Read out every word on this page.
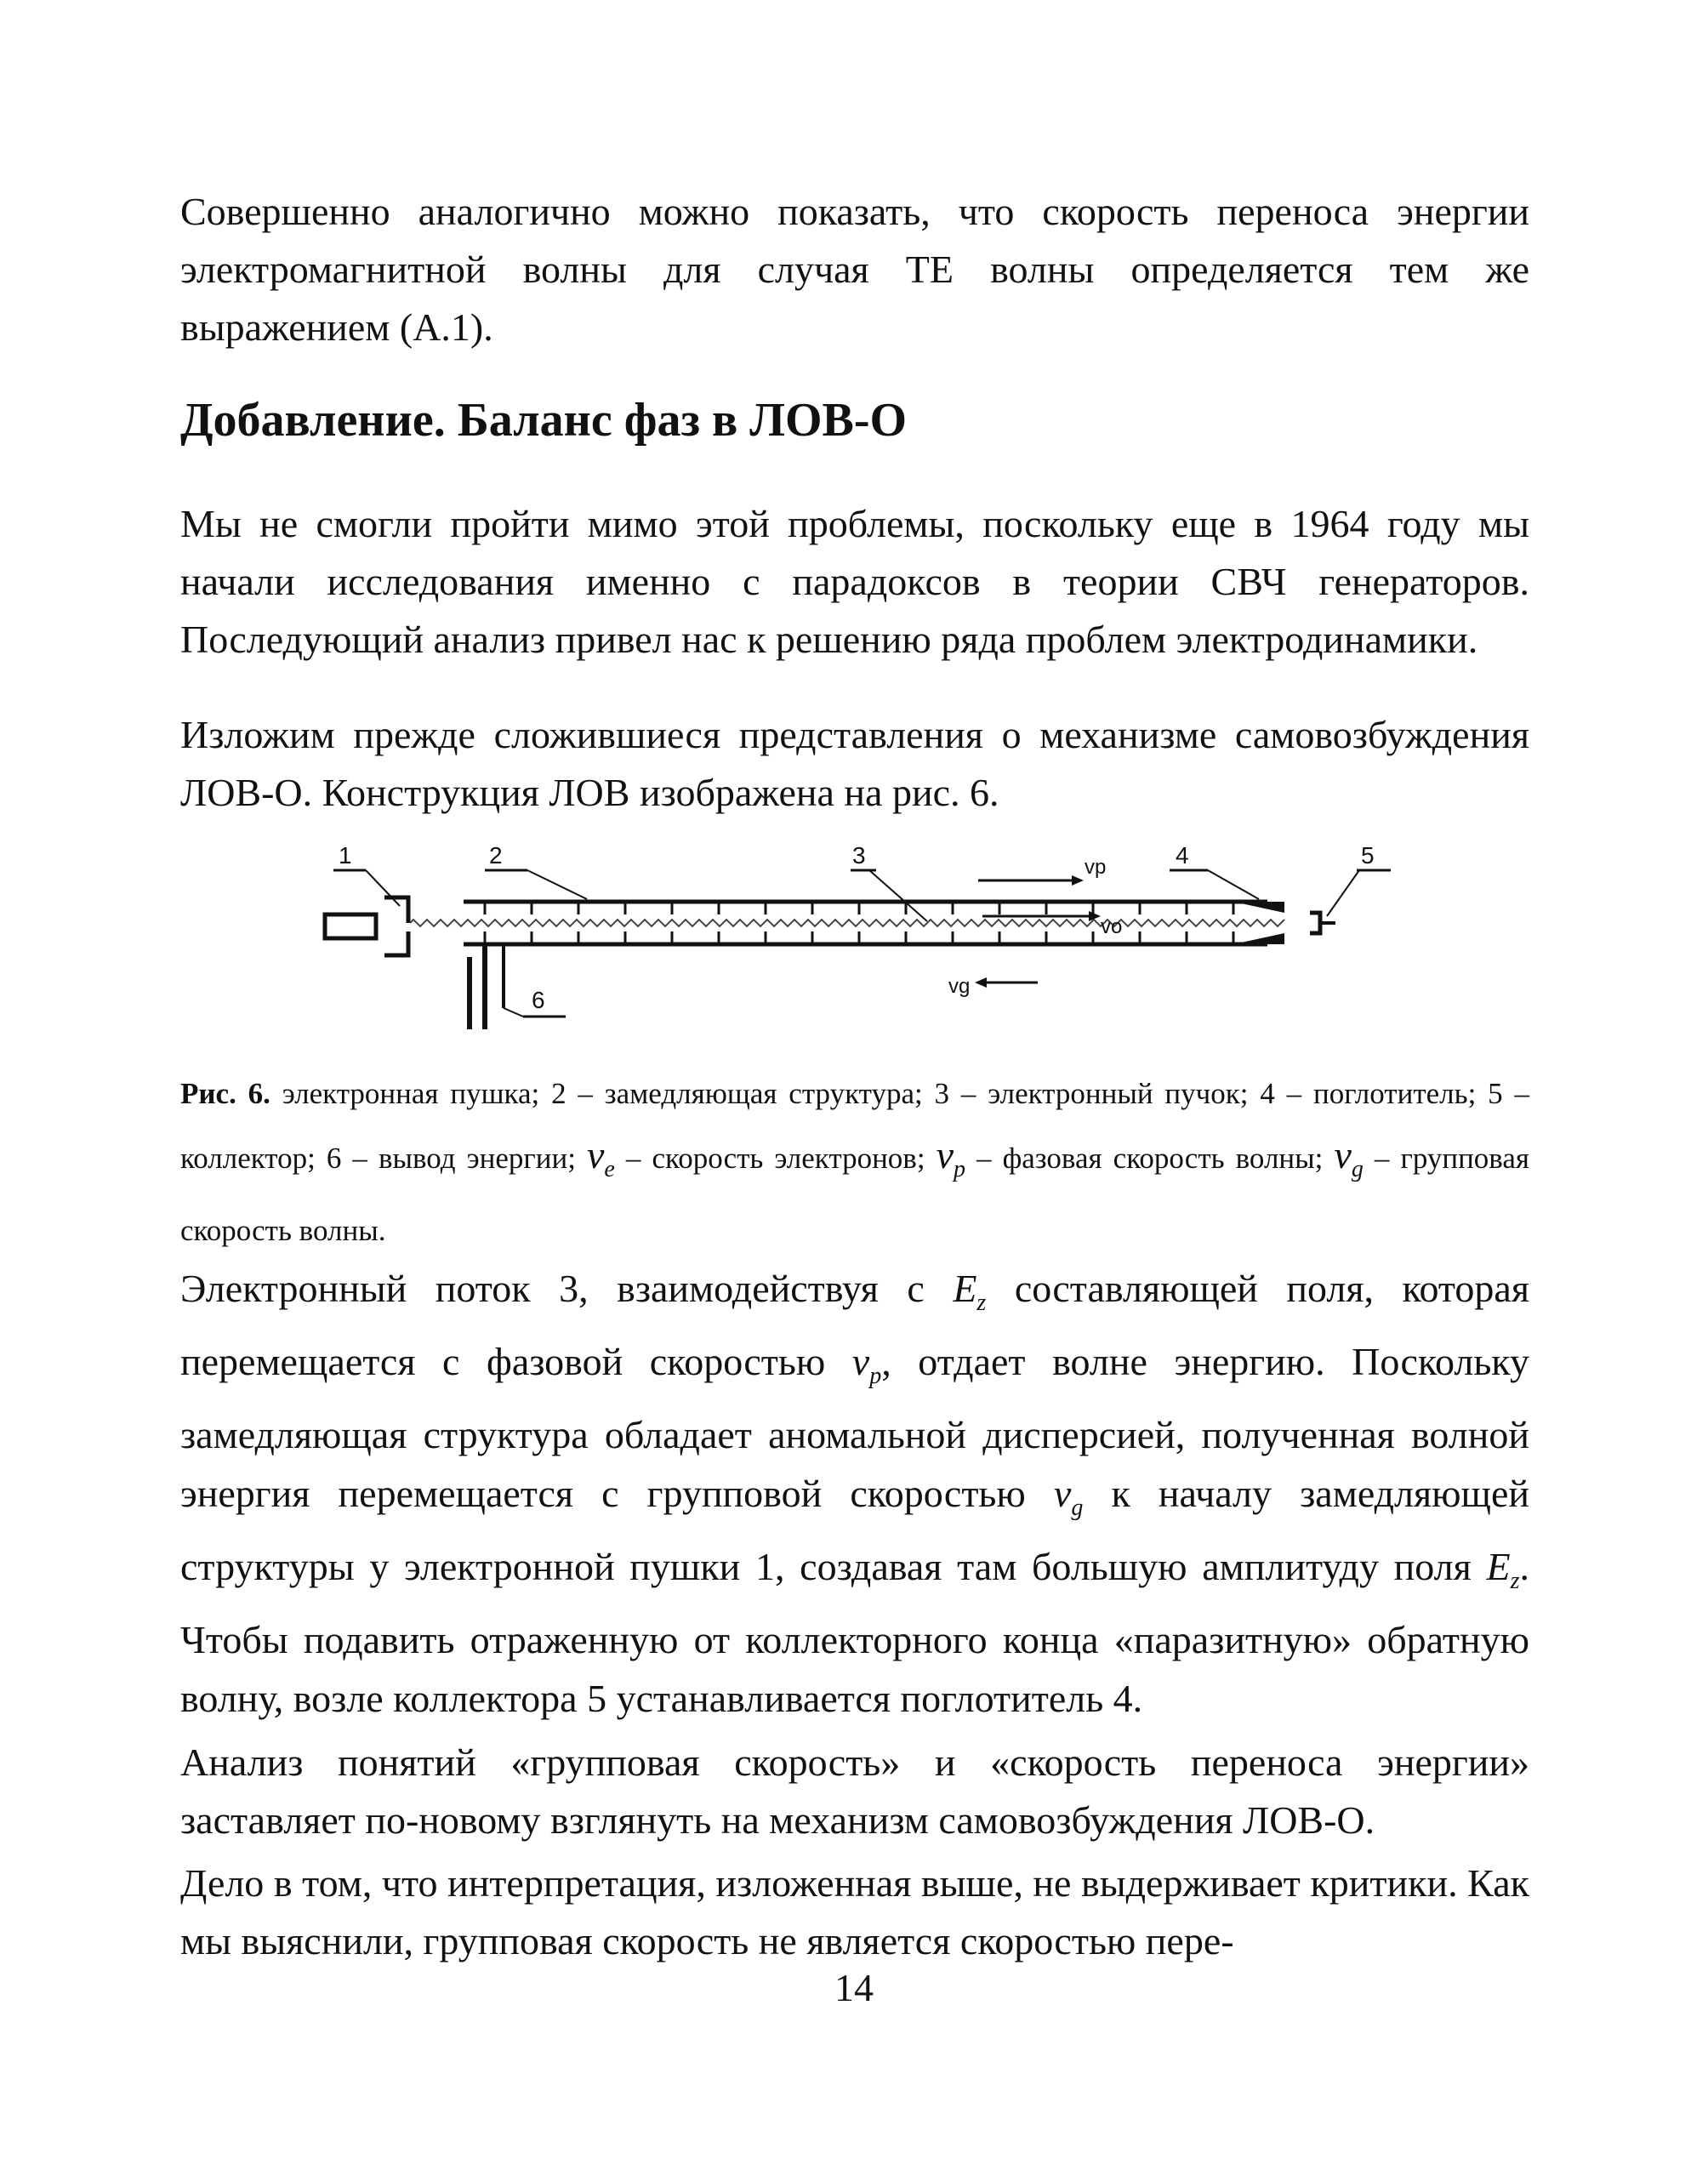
Совершенно аналогично можно показать, что скорость переноса энергии электромагнитной волны для случая ТЕ волны определяется тем же выражением (А.1).

Добавление. Баланс фаз в ЛОВ-О

Мы не смогли пройти мимо этой проблемы, поскольку еще в 1964 году мы начали исследования именно с парадоксов в теории СВЧ генераторов. Последующий анализ привел нас к решению ряда проблем электродинамики.

Изложим прежде сложившиеся представления о механизме самовозбуждения ЛОВ-О. Конструкция ЛОВ изображена на рис. 6.

1	2	3	4	5
6
vp
vo
vg

Рис. 6. электронная пушка; 2 – замедляющая структура; 3 – электронный пучок; 4 – поглотитель; 5 – коллектор; 6 – вывод энергии; $v_e$ – скорость электронов; $v_p$ – фазовая скорость волны; $v_g$ – групповая скорость волны.

Электронный поток 3, взаимодействуя с $E_z$ составляющей поля, которая перемещается с фазовой скоростью $v_p$, отдает волне энергию. Поскольку замедляющая структура обладает аномальной дисперсией, полученная волной энергия перемещается с групповой скоростью $v_g$ к началу замедляющей структуры у электронной пушки 1, создавая там большую амплитуду поля $E_z$. Чтобы подавить отраженную от коллекторного конца «паразитную» обратную волну, возле коллектора 5 устанавливается поглотитель 4.

Анализ понятий «групповая скорость» и «скорость переноса энергии» заставляет по-новому взглянуть на механизм самовозбуждения ЛОВ-О.

Дело в том, что интерпретация, изложенная выше, не выдерживает критики. Как мы выяснили, групповая скорость не является скоростью пере-

14
